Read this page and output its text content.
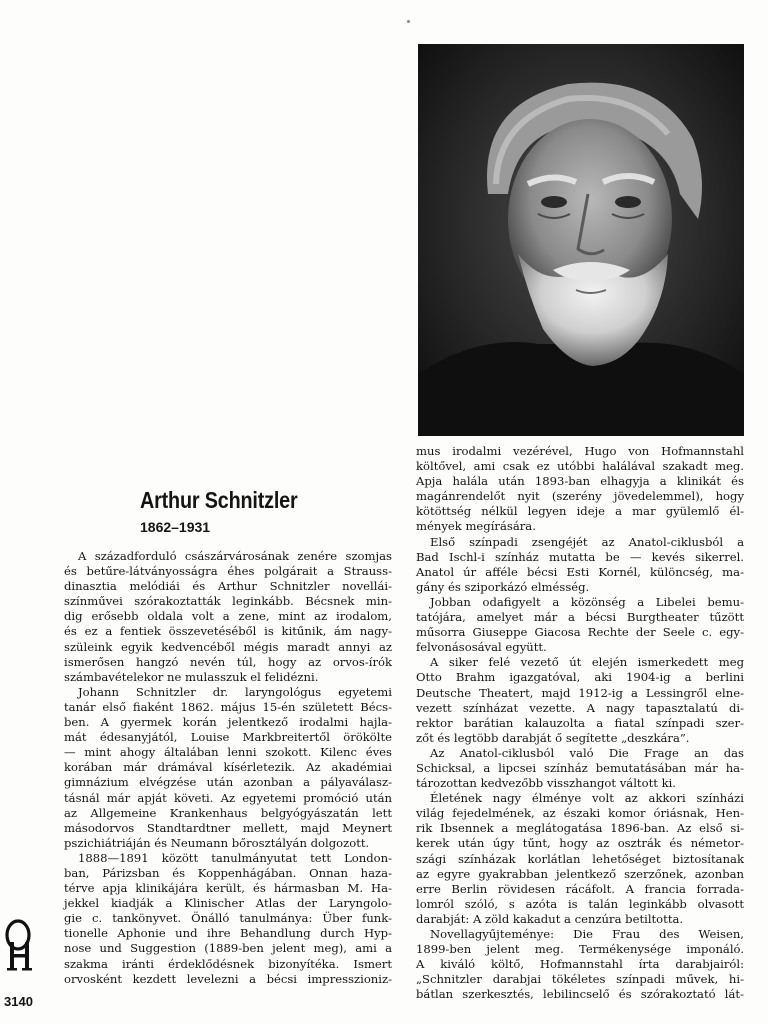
Arthur Schnitzler
1862–1931
A századforduló császárvárosának zenére szomjas
és betűre-látványosságra éhes polgárait a Strauss-
dinasztia melódiái és Arthur Schnitzler novellái-
színművei szórakoztatták leginkább. Bécsnek min-
dig erősebb oldala volt a zene, mint az irodalom,
és ez a fentiek összevetéséből is kitűnik, ám nagy-
szüleink egyik kedvencéből mégis maradt annyi az
ismerősen hangzó nevén túl, hogy az orvos-írók
számbavételekor ne mulasszuk el felidézni.
Johann Schnitzler dr. laryngológus egyetemi
tanár első fiaként 1862. május 15-én született Bécs-
ben. A gyermek korán jelentkező irodalmi hajla-
mát édesanyjától, Louise Markbreitertől örökölte
— mint ahogy általában lenni szokott. Kilenc éves
korában már drámával kísérletezik. Az akadémiai
gimnázium elvégzése után azonban a pályaválasz-
tásnál már apját követi. Az egyetemi promóció után
az Allgemeine Krankenhaus belgyógyászatán lett
másodorvos Standtardtner mellett, majd Meynert
pszichiátriáján és Neumann bőrosztályán dolgozott.
1888—1891 között tanulmányutat tett London-
ban, Párizsban és Koppenhágában. Onnan haza-
térve apja klinikájára került, és hármasban M. Ha-
jekkel kiadják a Klinischer Atlas der Laryngolo-
gie c. tankönyvet. Önálló tanulmánya: Über funk-
tionelle Aphonie und ihre Behandlung durch Hyp-
nose und Suggestion (1889-ben jelent meg), ami a
szakma iránti érdeklődésnek bizonyítéka. Ismert
orvosként kezdett levelezni a bécsi impresszioniz-
mus irodalmi vezérével, Hugo von Hofmannstahl
költővel, ami csak ez utóbbi halálával szakadt meg.
Apja halála után 1893-ban elhagyja a klinikát és
magánrendelőt nyit (szerény jövedelemmel), hogy
kötöttség nélkül legyen ideje a mar gyülemlő él-
mények megírására.
Első színpadi zsengéjét az Anatol-ciklusból a
Bad Ischl-i színház mutatta be — kevés sikerrel.
Anatol úr afféle bécsi Esti Kornél, különcség, ma-
gány és sziporkázó elmésség.
Jobban odafigyelt a közönség a Libelei bemu-
tatójára, amelyet már a bécsi Burgtheater tűzött
műsorra Giuseppe Giacosa Rechte der Seele c. egy-
felvonásosával együtt.
A siker felé vezető út elején ismerkedett meg
Otto Brahm igazgatóval, aki 1904-ig a berlini
Deutsche Theatert, majd 1912-ig a Lessingről elne-
vezett színházat vezette. A nagy tapasztalatú di-
rektor barátian kalauzolta a fiatal színpadi szer-
zőt és legtöbb darabját ő segítette „deszkára”.
Az Anatol-ciklusból való Die Frage an das
Schicksal, a lipcsei színház bemutatásában már ha-
tározottan kedvezőbb visszhangot váltott ki.
Életének nagy élménye volt az akkori színházi
világ fejedelmének, az északi komor óriásnak, Hen-
rik Ibsennek a meglátogatása 1896-ban. Az első si-
kerek után úgy tűnt, hogy az osztrák és németor-
szági színházak korlátlan lehetőséget biztosítanak
az egyre gyakrabban jelentkező szerzőnek, azonban
erre Berlin rövidesen rácáfolt. A francia forrada-
lomról szóló, s azóta is talán leginkább olvasott
darabját: A zöld kakadut a cenzúra betiltotta.
Novellagyűjteménye: Die Frau des Weisen,
1899-ben jelent meg. Termékenysége imponáló.
A kiváló költő, Hofmannstahl írta darabjairól:
„Schnitzler darabjai tökéletes színpadi művek, hi-
bátlan szerkesztés, lebilincselő és szórakoztató lát-
3140
